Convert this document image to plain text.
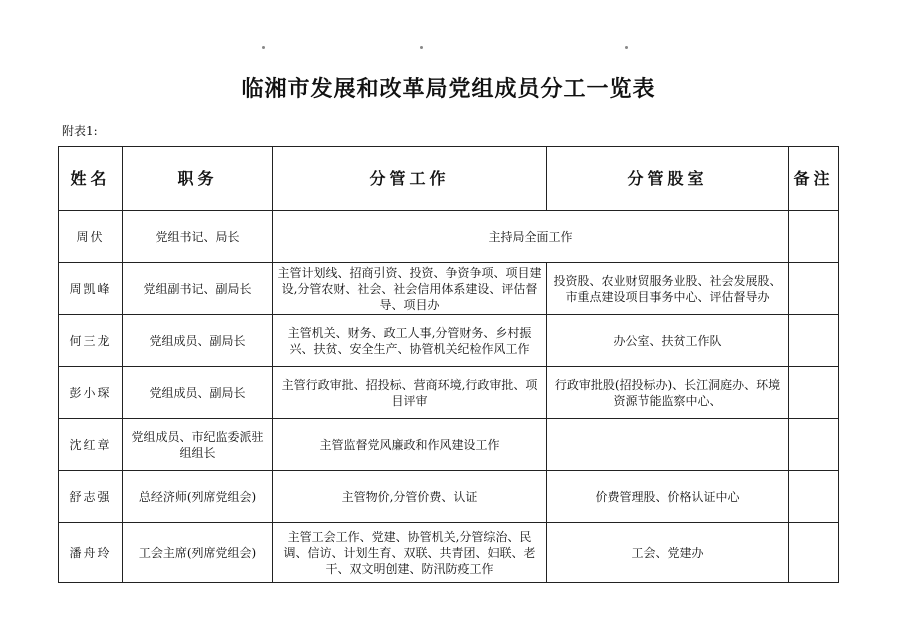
临湘市发展和改革局党组成员分工一览表
附表1:
姓名	职务	分管工作	分管股室	备注
周伏	党组书记、局长	主持局全面工作		
周凯峰	党组副书记、副局长	主管计划线、招商引资、投资、争资争项、项目建设,分管农财、社会、社会信用体系建设、评估督导、项目办	投资股、农业财贸服务业股、社会发展股、市重点建设项目事务中心、评估督导办	
何三龙	党组成员、副局长	主管机关、财务、政工人事,分管财务、乡村振兴、扶贫、安全生产、协管机关纪检作风工作	办公室、扶贫工作队	
彭小琛	党组成员、副局长	主管行政审批、招投标、营商环境,行政审批、项目评审	行政审批股(招投标办)、长江洞庭办、环境资源节能监察中心、	
沈红章	党组成员、市纪监委派驻组组长	主管监督党风廉政和作风建设工作		
舒志强	总经济师(列席党组会)	主管物价,分管价费、认证	价费管理股、价格认证中心	
潘舟玲	工会主席(列席党组会)	主管工会工作、党建、协管机关,分管综治、民调、信访、计划生育、双联、共青团、妇联、老干、双文明创建、防汛防疫工作	工会、党建办	
